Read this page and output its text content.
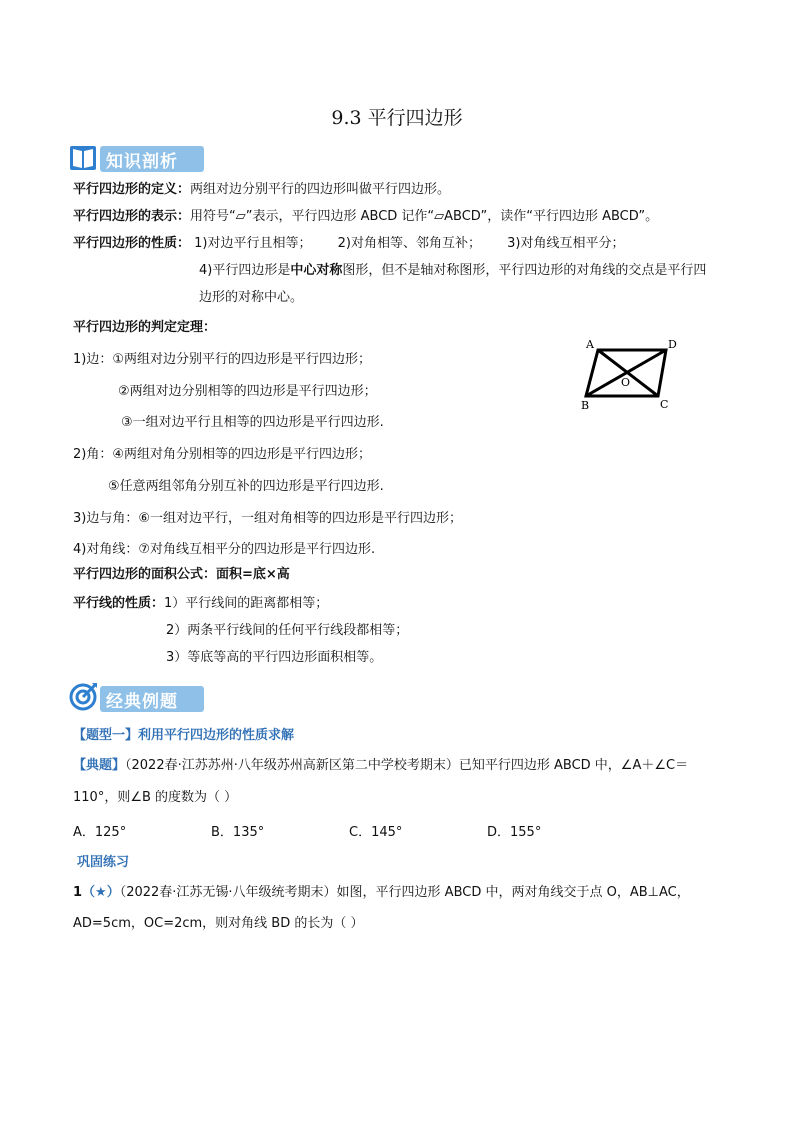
9.3 平行四边形
知识剖析
平行四边形的定义：两组对边分别平行的四边形叫做平行四边形。
平行四边形的表示：用符号“▱”表示，平行四边形 ABCD 记作“▱ABCD”，读作“平行四边形 ABCD”。
平行四边形的性质： 1)对边平行且相等； 2)对角相等、邻角互补； 3)对角线互相平分；
4)平行四边形是中心对称图形，但不是轴对称图形，平行四边形的对角线的交点是平行四
边形的对称中心。
平行四边形的判定定理：
1)边：①两组对边分别平行的四边形是平行四边形；
②两组对边分别相等的四边形是平行四边形；
③一组对边平行且相等的四边形是平行四边形.
2)角：④两组对角分别相等的四边形是平行四边形；
⑤任意两组邻角分别互补的四边形是平行四边形.
3)边与角：⑥一组对边平行，一组对角相等的四边形是平行四边形；
4)对角线：⑦对角线互相平分的四边形是平行四边形.
A	D
B	C
O
平行四边形的面积公式：面积=底×高
平行线的性质：1）平行线间的距离都相等；
2）两条平行线间的任何平行线段都相等；
3）等底等高的平行四边形面积相等。
经典例题
【题型一】利用平行四边形的性质求解
【典题】（2022春·江苏苏州·八年级苏州高新区第二中学校考期末）已知平行四边形 ABCD 中，∠A＋∠C＝
110°，则∠B 的度数为（ ）
A．125°	B．135°	C．145°	D．155°
巩固练习
1（★）（2022春·江苏无锡·八年级统考期末）如图，平行四边形 ABCD 中，两对角线交于点 O，AB⊥AC，
AD=5cm，OC=2cm，则对角线 BD 的长为（ ）
